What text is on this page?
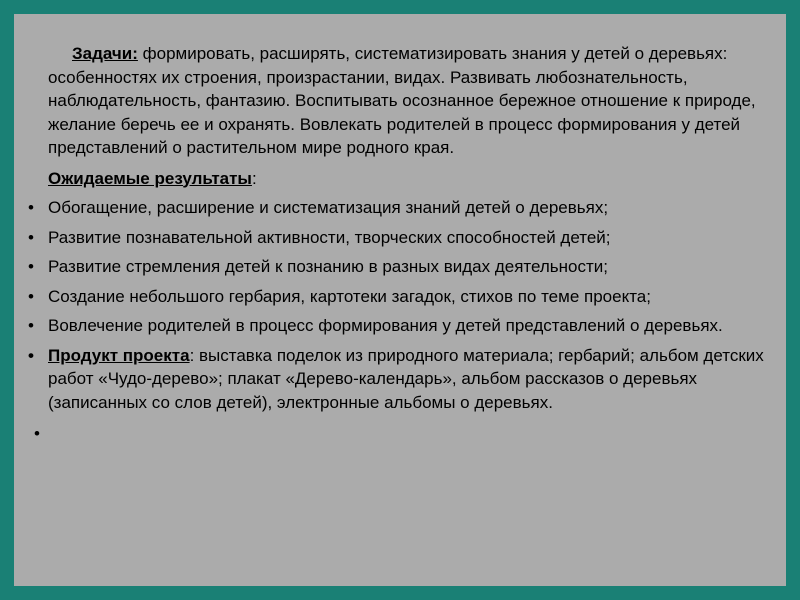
Задачи: формировать, расширять, систематизировать знания у детей о деревьях: особенностях их строения, произрастании, видах. Развивать любознательность, наблюдательность, фантазию. Воспитывать осознанное бережное отношение к природе, желание беречь ее и охранять. Вовлекать родителей в процесс формирования у детей представлений о растительном мире родного края.
Ожидаемые результаты:
• Обогащение, расширение и систематизация знаний детей о деревьях;
• Развитие познавательной активности, творческих способностей детей;
• Развитие стремления детей к познанию в разных видах деятельности;
• Создание небольшого гербария, картотеки загадок, стихов по теме проекта;
• Вовлечение родителей в процесс формирования у детей представлений о деревьях.
• Продукт проекта: выставка поделок из природного материала; гербарий; альбом детских работ «Чудо-дерево»; плакат «Дерево-календарь», альбом рассказов о деревьях (записанных со слов детей), электронные альбомы о деревьях.
•
